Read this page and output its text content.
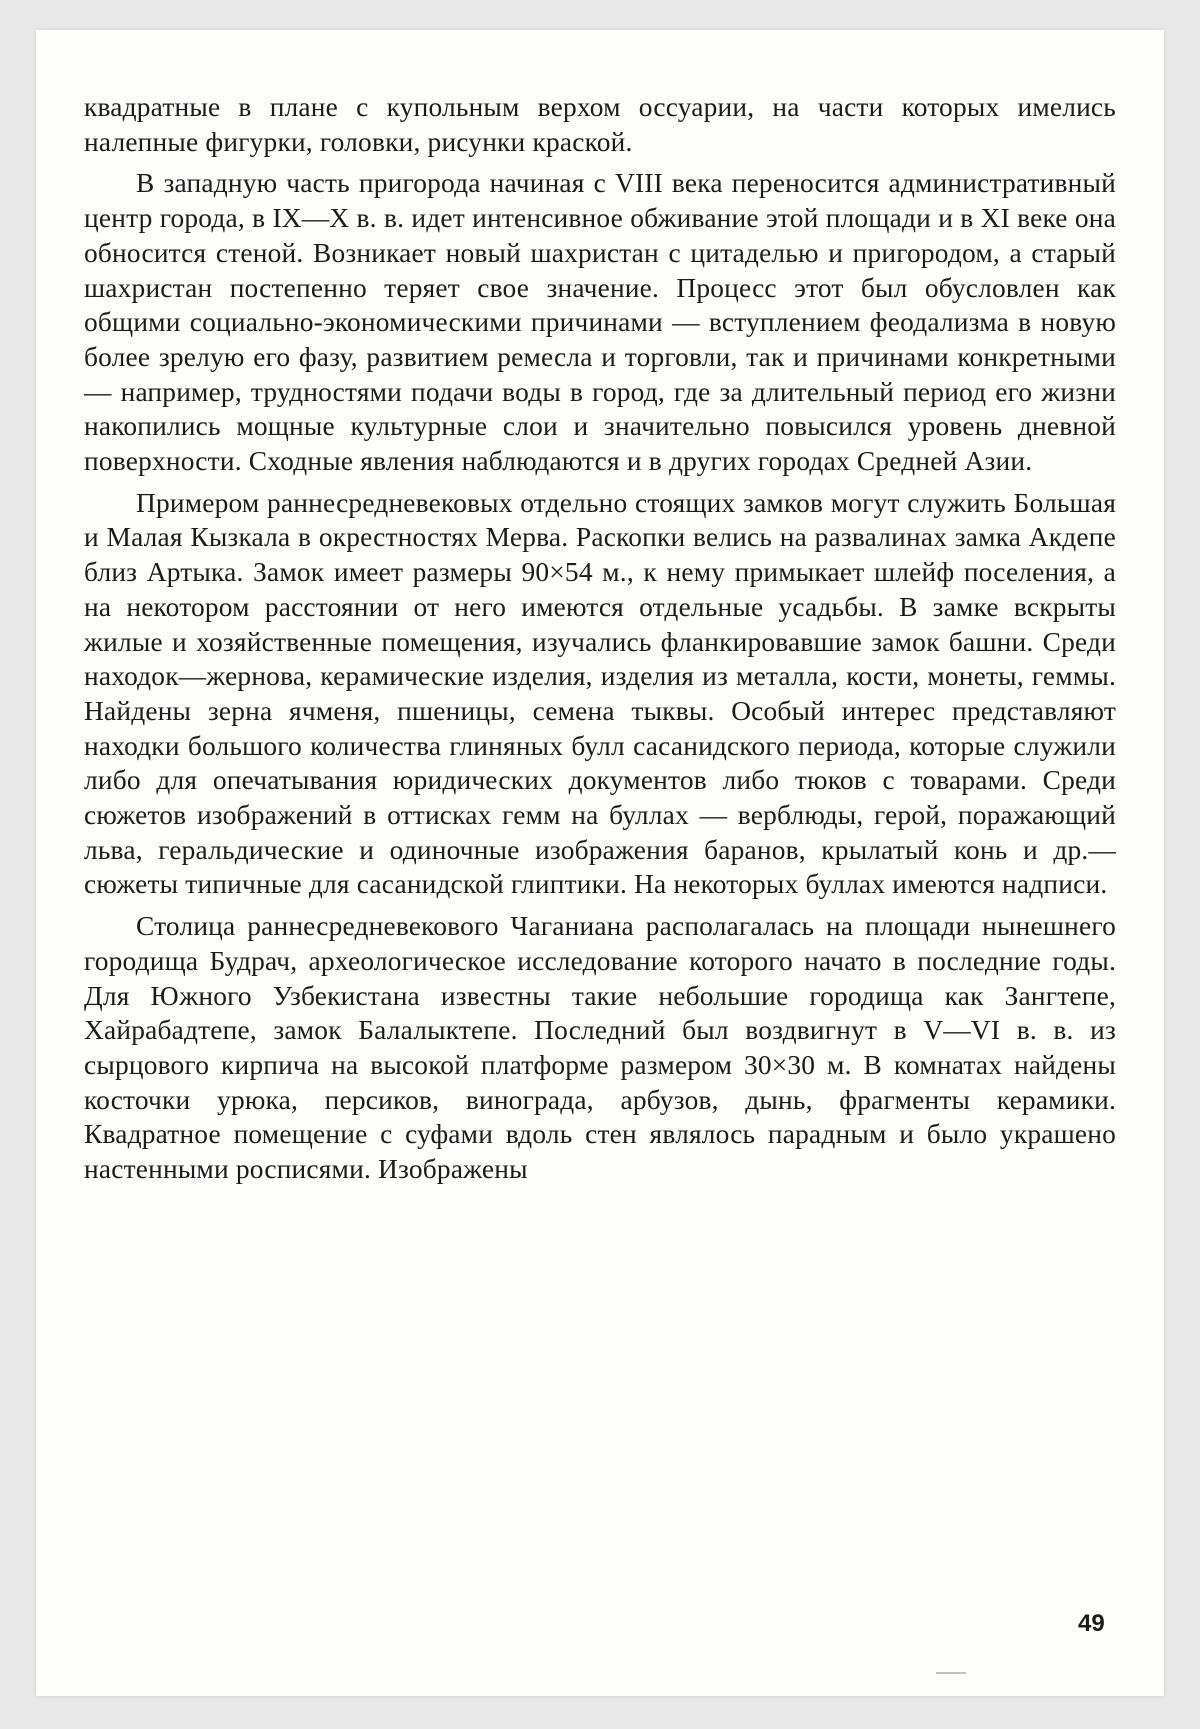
квадратные в плане с купольным верхом оссуарии, на части которых имелись налепные фигурки, головки, рисунки краской.

В западную часть пригорода начиная с VIII века переносится административный центр города, в IX—X в. в. идет интенсивное обживание этой площади и в XI веке она обносится стеной. Возникает новый шахристан с цитаделью и пригородом, а старый шахристан постепенно теряет свое значение. Процесс этот был обусловлен как общими социально-экономическими причинами — вступлением феодализма в новую более зрелую его фазу, развитием ремесла и торговли, так и причинами конкретными — например, трудностями подачи воды в город, где за длительный период его жизни накопились мощные культурные слои и значительно повысился уровень дневной поверхности. Сходные явления наблюдаются и в других городах Средней Азии.

Примером раннесредневековых отдельно стоящих замков могут служить Большая и Малая Кызкала в окрестностях Мерва. Раскопки велись на развалинах замка Акдепе близ Артыка. Замок имеет размеры 90×54 м., к нему примыкает шлейф поселения, а на некотором расстоянии от него имеются отдельные усадьбы. В замке вскрыты жилые и хозяйственные помещения, изучались фланкировавшие замок башни. Среди находок—жернова, керамические изделия, изделия из металла, кости, монеты, геммы. Найдены зерна ячменя, пшеницы, семена тыквы. Особый интерес представляют находки большого количества глиняных булл сасанидского периода, которые служили либо для опечатывания юридических документов либо тюков с товарами. Среди сюжетов изображений в оттисках гемм на буллах — верблюды, герой, поражающий льва, геральдические и одиночные изображения баранов, крылатый конь и др.— сюжеты типичные для сасанидской глиптики. На некоторых буллах имеются надписи.

Столица раннесредневекового Чаганиана располагалась на площади нынешнего городища Будрач, археологическое исследование которого начато в последние годы. Для Южного Узбекистана известны такие небольшие городища как Зангтепе, Хайрабадтепе, замок Балалыктепе. Последний был воздвигнут в V—VI в. в. из сырцового кирпича на высокой платформе размером 30×30 м. В комнатах найдены косточки урюка, персиков, винограда, арбузов, дынь, фрагменты керамики. Квадратное помещение с суфами вдоль стен являлось парадным и было украшено настенными росписями. Изображены

49
